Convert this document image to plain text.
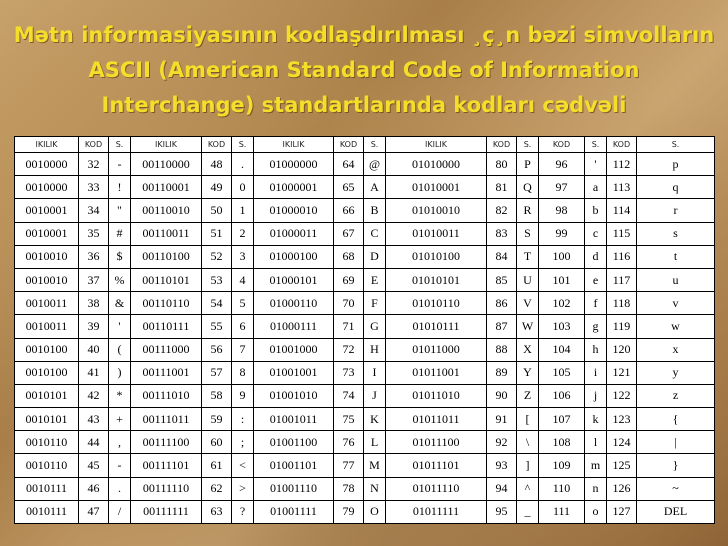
Mətn informasiyasının kodlaşdırılması ¸ç¸n bəzi simvolların
ASCII (American Standard Code of Information
Interchange) standartlarında kodları cədvəli
IKILIK	KOD	S.	IKILIK	KOD	S.	IKILIK	KOD	S.	IKILIK	KOD	S.	KOD	S.	KOD	S.
0010000	32	-	00110000	48	.	01000000	64	@	01010000	80	P	96	'	112	p
0010000	33	!	00110001	49	0	01000001	65	A	01010001	81	Q	97	a	113	q
0010001	34	"	00110010	50	1	01000010	66	B	01010010	82	R	98	b	114	r
0010001	35	#	00110011	51	2	01000011	67	C	01010011	83	S	99	c	115	s
0010010	36	$	00110100	52	3	01000100	68	D	01010100	84	T	100	d	116	t
0010010	37	%	00110101	53	4	01000101	69	E	01010101	85	U	101	e	117	u
0010011	38	&	00110110	54	5	01000110	70	F	01010110	86	V	102	f	118	v
0010011	39	'	00110111	55	6	01000111	71	G	01010111	87	W	103	g	119	w
0010100	40	(	00111000	56	7	01001000	72	H	01011000	88	X	104	h	120	x
0010100	41	)	00111001	57	8	01001001	73	I	01011001	89	Y	105	i	121	y
0010101	42	*	00111010	58	9	01001010	74	J	01011010	90	Z	106	j	122	z
0010101	43	+	00111011	59	:	01001011	75	K	01011011	91	[	107	k	123	{
0010110	44	,	00111100	60	;	01001100	76	L	01011100	92	\	108	l	124	|
0010110	45	-	00111101	61	<	01001101	77	M	01011101	93	]	109	m	125	}
0010111	46	.	00111110	62	>	01001110	78	N	01011110	94	^	110	n	126	~
0010111	47	/	00111111	63	?	01001111	79	O	01011111	95	_	111	o	127	DEL
